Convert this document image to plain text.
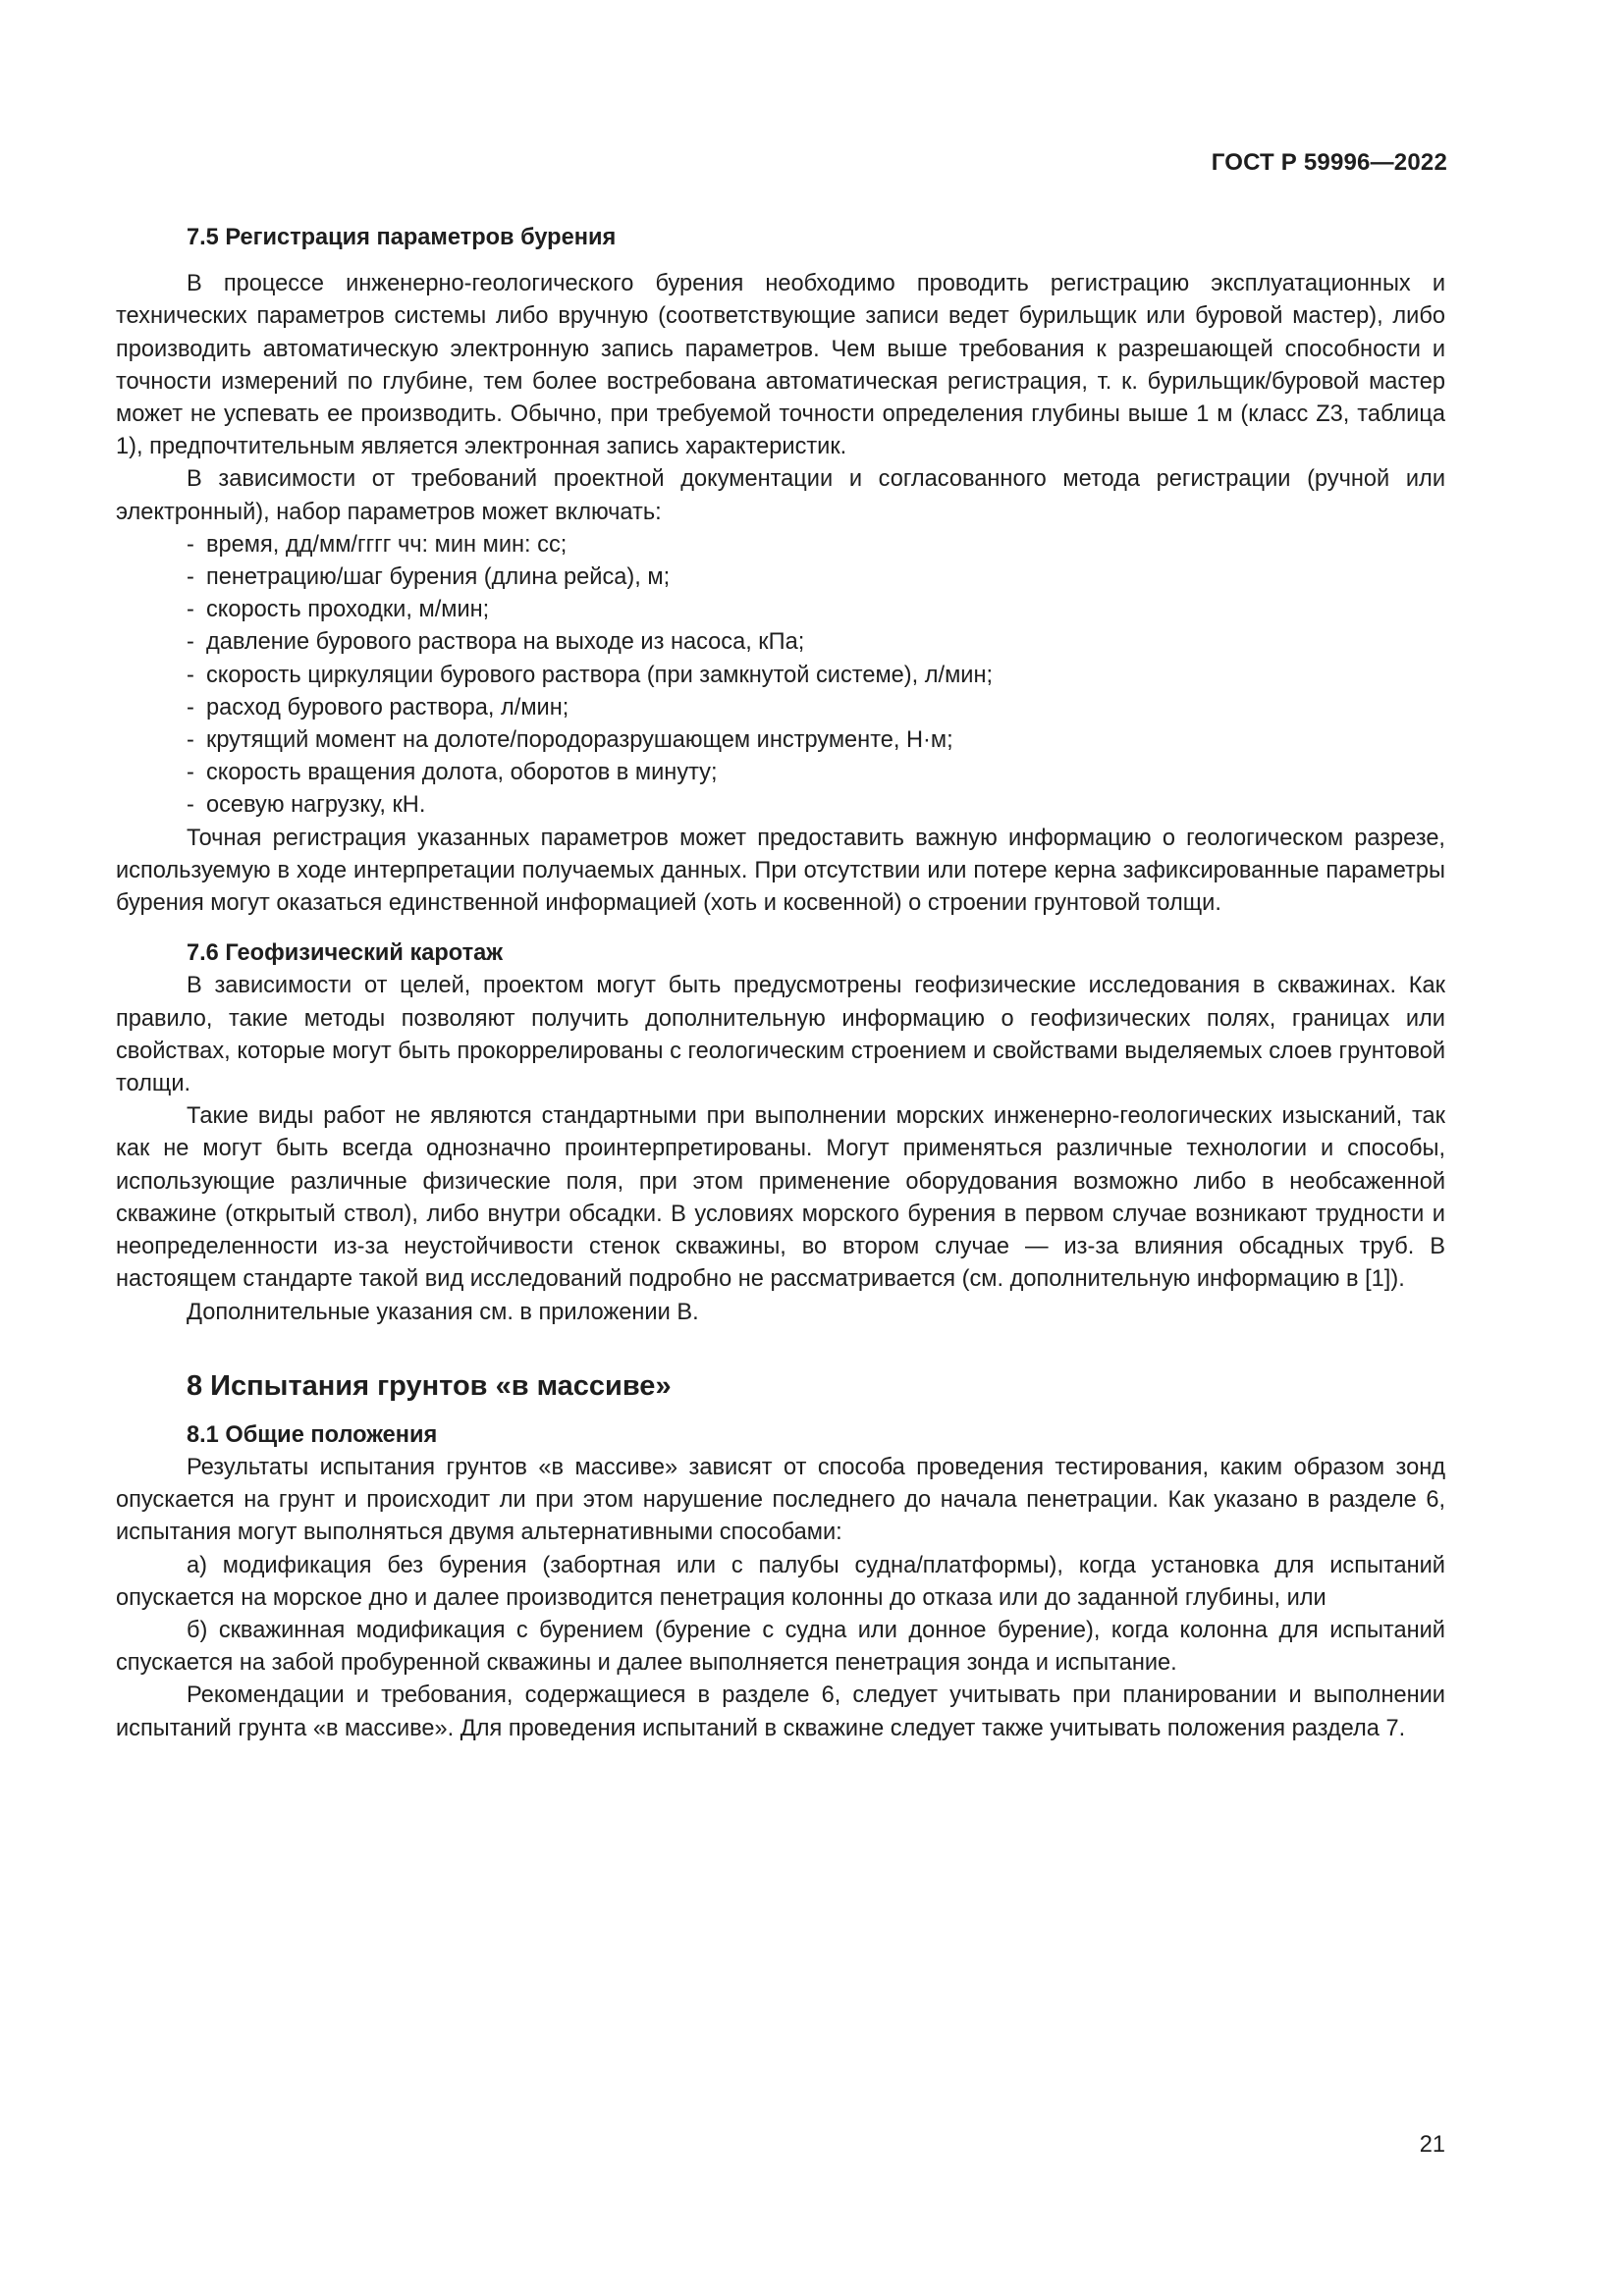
ГОСТ Р 59996—2022
7.5 Регистрация параметров бурения

В процессе инженерно-геологического бурения необходимо проводить регистрацию эксплуатационных и технических параметров системы либо вручную (соответствующие записи ведет бурильщик или буровой мастер), либо производить автоматическую электронную запись параметров. Чем выше требования к разрешающей способности и точности измерений по глубине, тем более востребована автоматическая регистрация, т. к. бурильщик/буровой мастер может не успевать ее производить. Обычно, при требуемой точности определения глубины выше 1 м (класс Z3, таблица 1), предпочтительным является электронная запись характеристик.

В зависимости от требований проектной документации и согласованного метода регистрации (ручной или электронный), набор параметров может включать:

- время, дд/мм/гггг чч: мин мин: сс;
- пенетрацию/шаг бурения (длина рейса), м;
- скорость проходки, м/мин;
- давление бурового раствора на выходе из насоса, кПа;
- скорость циркуляции бурового раствора (при замкнутой системе), л/мин;
- расход бурового раствора, л/мин;
- крутящий момент на долоте/породоразрушающем инструменте, Н·м;
- скорость вращения долота, оборотов в минуту;
- осевую нагрузку, кН.

Точная регистрация указанных параметров может предоставить важную информацию о геологическом разрезе, используемую в ходе интерпретации получаемых данных. При отсутствии или потере керна зафиксированные параметры бурения могут оказаться единственной информацией (хоть и косвенной) о строении грунтовой толщи.

7.6 Геофизический каротаж

В зависимости от целей, проектом могут быть предусмотрены геофизические исследования в скважинах. Как правило, такие методы позволяют получить дополнительную информацию о геофизических полях, границах или свойствах, которые могут быть прокоррелированы с геологическим строением и свойствами выделяемых слоев грунтовой толщи.

Такие виды работ не являются стандартными при выполнении морских инженерно-геологических изысканий, так как не могут быть всегда однозначно проинтерпретированы. Могут применяться различные технологии и способы, использующие различные физические поля, при этом применение оборудования возможно либо в необсаженной скважине (открытый ствол), либо внутри обсадки. В условиях морского бурения в первом случае возникают трудности и неопределенности из-за неустойчивости стенок скважины, во втором случае — из-за влияния обсадных труб. В настоящем стандарте такой вид исследований подробно не рассматривается (см. дополнительную информацию в [1]).

Дополнительные указания см. в приложении В.

8 Испытания грунтов «в массиве»
8.1 Общие положения

Результаты испытания грунтов «в массиве» зависят от способа проведения тестирования, каким образом зонд опускается на грунт и происходит ли при этом нарушение последнего до начала пенетрации. Как указано в разделе 6, испытания могут выполняться двумя альтернативными способами:

а) модификация без бурения (забортная или с палубы судна/платформы), когда установка для испытаний опускается на морское дно и далее производится пенетрация колонны до отказа или до заданной глубины, или

б) скважинная модификация с бурением (бурение с судна или донное бурение), когда колонна для испытаний спускается на забой пробуренной скважины и далее выполняется пенетрация зонда и испытание.

Рекомендации и требования, содержащиеся в разделе 6, следует учитывать при планировании и выполнении испытаний грунта «в массиве». Для проведения испытаний в скважине следует также учитывать положения раздела 7.

21
